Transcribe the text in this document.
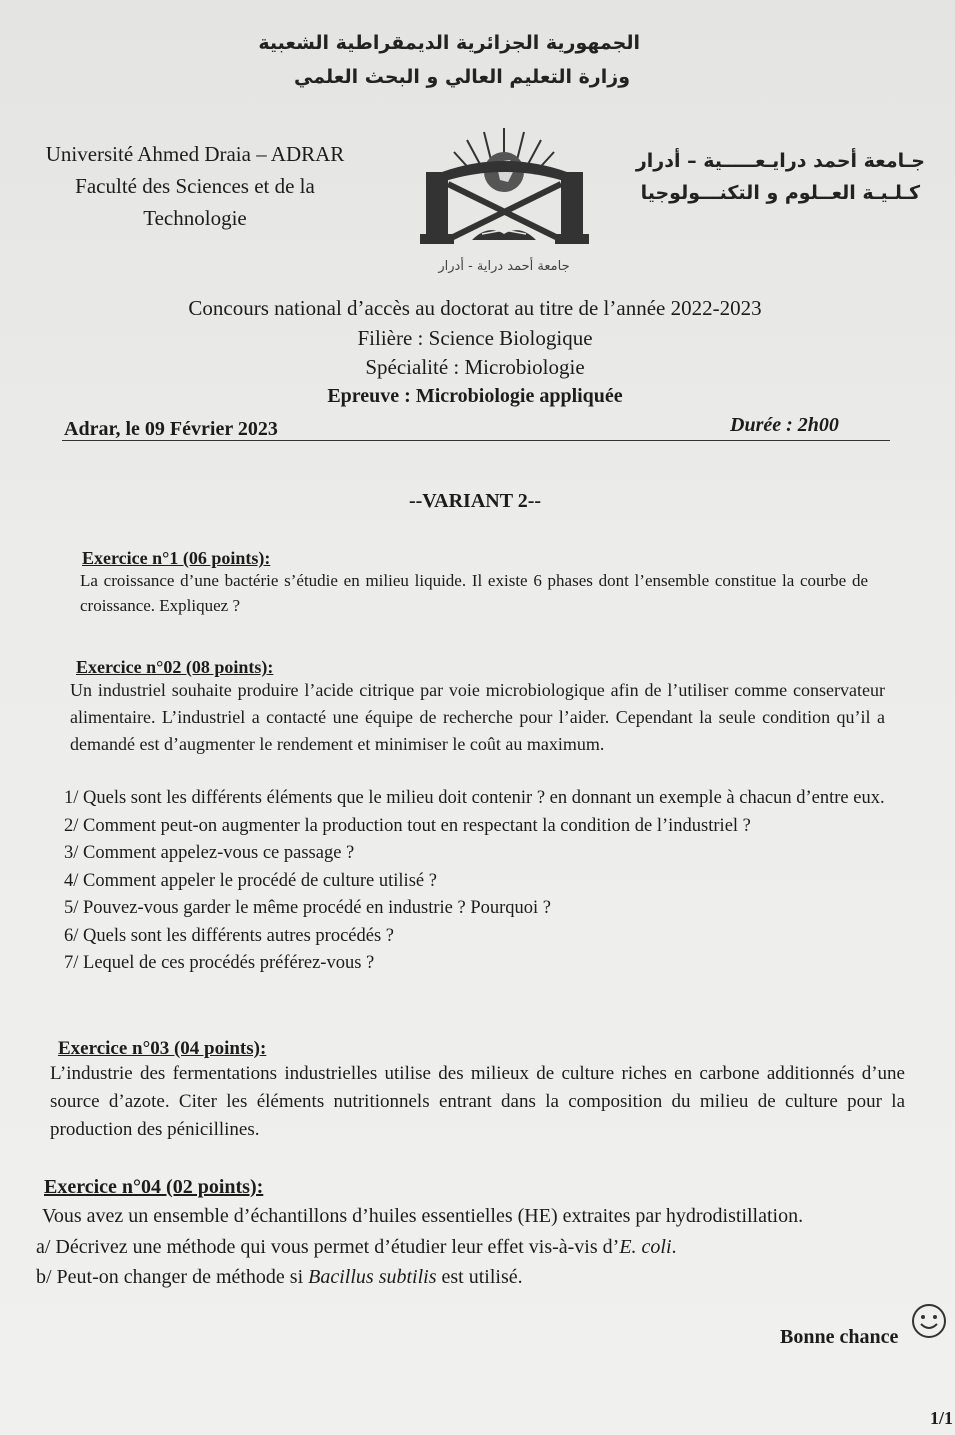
الجمهورية الجزائرية الديمقراطية الشعبية
وزارة التعليم العالي و البحث العلمي
Université Ahmed Draia – ADRAR
Faculté des Sciences et de la
Technologie
جـامعة أحمد درايـعـــــية – أدرار
كـلـيـة العــلوم و التكنـــولوجيا
جامعة أحمد دراية - أدرار
Concours national d’accès au doctorat au titre de l’année 2022-2023
Filière : Science Biologique
Spécialité : Microbiologie
Epreuve : Microbiologie appliquée
Adrar, le 09 Février 2023	Durée : 2h00
--VARIANT 2--
Exercice n°1 (06 points):
La croissance d’une bactérie s’étudie en milieu liquide. Il existe 6 phases dont l’ensemble constitue la courbe de croissance. Expliquez ?
Exercice n°02 (08 points):
Un industriel souhaite produire l’acide citrique par voie microbiologique afin de l’utiliser comme conservateur alimentaire. L’industriel a contacté une équipe de recherche pour l’aider. Cependant la seule condition qu’il a demandé est d’augmenter le rendement et minimiser le coût au maximum.
1/ Quels sont les différents éléments que le milieu doit contenir ? en donnant un exemple à chacun d’entre eux.
2/ Comment peut-on augmenter la production tout en respectant la condition de l’industriel ?
3/ Comment appelez-vous ce passage ?
4/ Comment appeler le procédé de culture utilisé ?
5/ Pouvez-vous garder le même procédé en industrie ? Pourquoi ?
6/ Quels sont les différents autres procédés ?
7/ Lequel de ces procédés préférez-vous ?
Exercice n°03 (04 points):
L’industrie des fermentations industrielles utilise des milieux de culture riches en carbone additionnés d’une source d’azote. Citer les éléments nutritionnels entrant dans la composition du milieu de culture pour la production des pénicillines.
Exercice n°04 (02 points):
Vous avez un ensemble d’échantillons d’huiles essentielles (HE) extraites par hydrodistillation.
a/ Décrivez une méthode qui vous permet d’étudier leur effet vis-à-vis d’E. coli.
b/ Peut-on changer de méthode si Bacillus subtilis est utilisé.
Bonne chance
1/1
